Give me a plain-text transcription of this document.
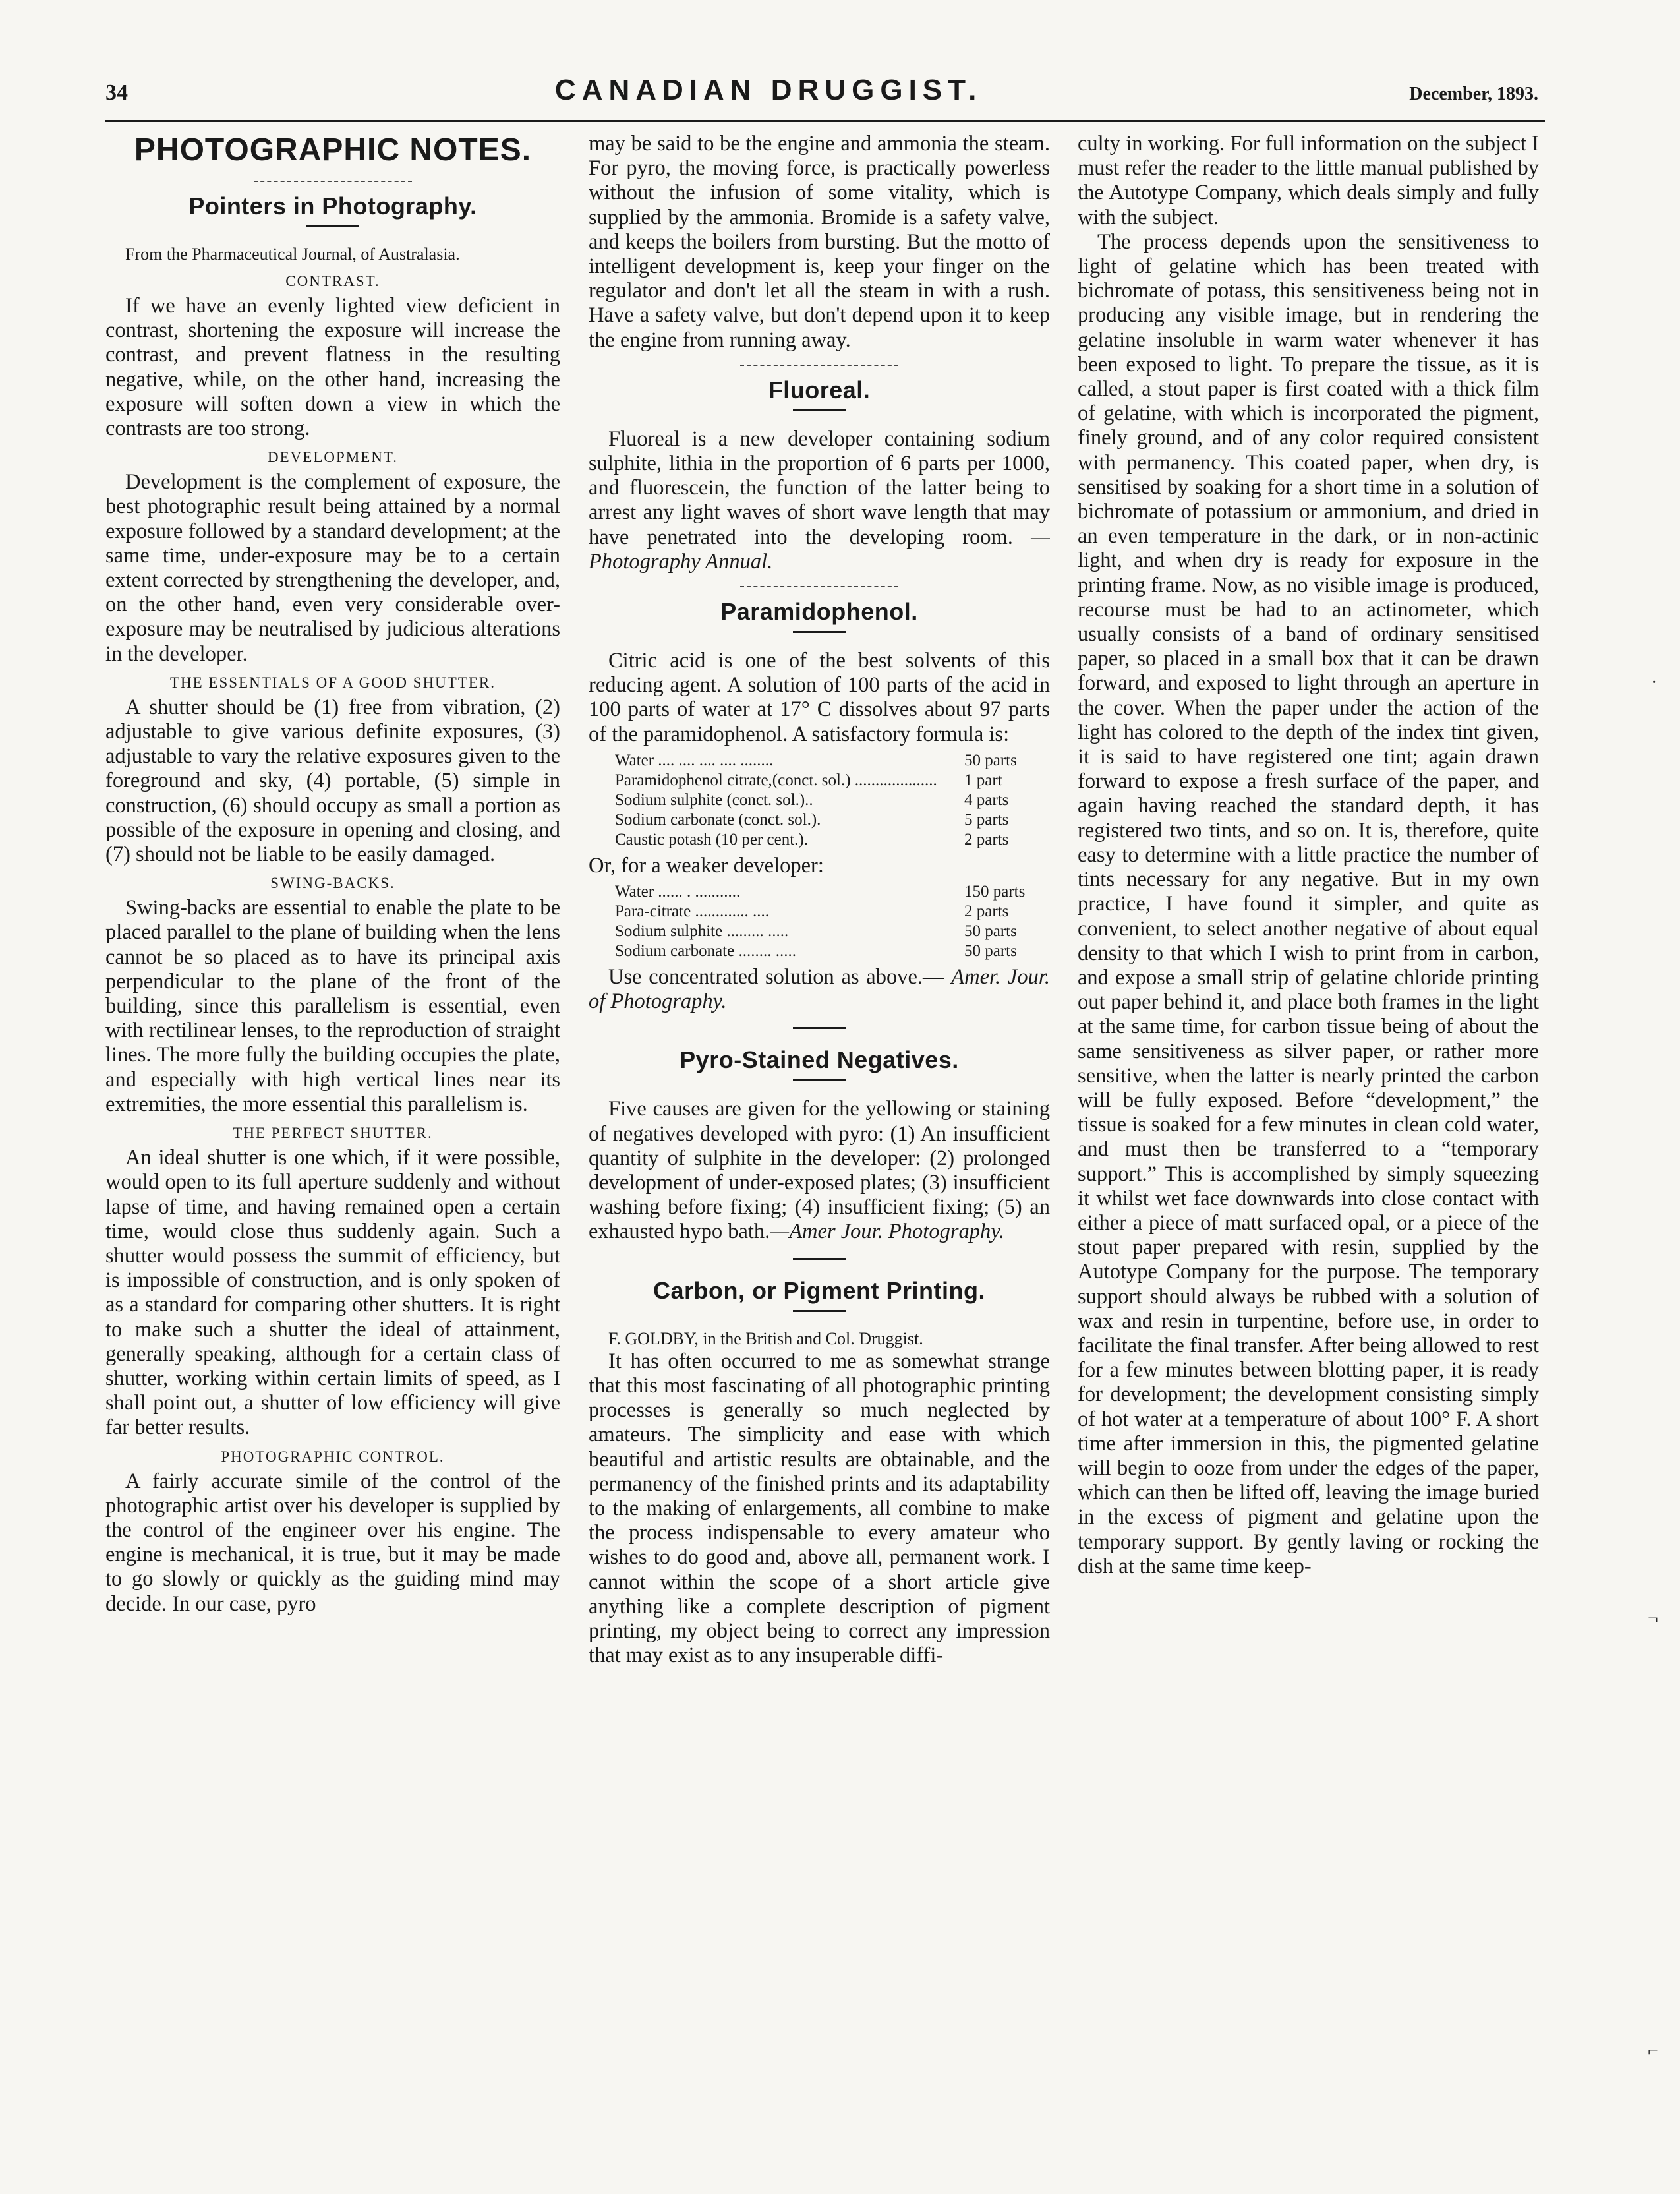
34	CANADIAN DRUGGIST.	December, 1893.
PHOTOGRAPHIC NOTES.
Pointers in Photography.

From the Pharmaceutical Journal, of Australasia.

CONTRAST.

If we have an evenly lighted view deficient in contrast, shortening the exposure will increase the contrast, and prevent flatness in the resulting negative, while, on the other hand, increasing the exposure will soften down a view in which the contrasts are too strong.

DEVELOPMENT.

Development is the complement of exposure, the best photographic result being attained by a normal exposure followed by a standard development; at the same time, under-exposure may be to a certain extent corrected by strengthening the developer, and, on the other hand, even very considerable over-exposure may be neutralised by judicious alterations in the developer.

THE ESSENTIALS OF A GOOD SHUTTER.

A shutter should be (1) free from vibration, (2) adjustable to give various definite exposures, (3) adjustable to vary the relative exposures given to the foreground and sky, (4) portable, (5) simple in construction, (6) should occupy as small a portion as possible of the exposure in opening and closing, and (7) should not be liable to be easily damaged.

SWING-BACKS.

Swing-backs are essential to enable the plate to be placed parallel to the plane of building when the lens cannot be so placed as to have its principal axis perpendicular to the plane of the front of the building, since this parallelism is essential, even with rectilinear lenses, to the reproduction of straight lines. The more fully the building occupies the plate, and especially with high vertical lines near its extremities, the more essential this parallelism is.

THE PERFECT SHUTTER.

An ideal shutter is one which, if it were possible, would open to its full aperture suddenly and without lapse of time, and having remained open a certain time, would close thus suddenly again. Such a shutter would possess the summit of efficiency, but is impossible of construction, and is only spoken of as a standard for comparing other shutters. It is right to make such a shutter the ideal of attainment, generally speaking, although for a certain class of shutter, working within certain limits of speed, as I shall point out, a shutter of low efficiency will give far better results.

PHOTOGRAPHIC CONTROL.

A fairly accurate simile of the control of the photographic artist over his developer is supplied by the control of the engineer over his engine. The engine is mechanical, it is true, but it may be made to go slowly or quickly as the guiding mind may decide. In our case, pyro

may be said to be the engine and ammonia the steam. For pyro, the moving force, is practically powerless without the infusion of some vitality, which is supplied by the ammonia. Bromide is a safety valve, and keeps the boilers from bursting. But the motto of intelligent development is, keep your finger on the regulator and don't let all the steam in with a rush. Have a safety valve, but don't depend upon it to keep the engine from running away.

Fluoreal.

Fluoreal is a new developer containing sodium sulphite, lithia in the proportion of 6 parts per 1000, and fluorescein, the function of the latter being to arrest any light waves of short wave length that may have penetrated into the developing room. —Photography Annual.

Paramidophenol.

Citric acid is one of the best solvents of this reducing agent. A solution of 100 parts of the acid in 100 parts of water at 17° C dissolves about 97 parts of the paramidophenol. A satisfactory formula is:

Water .... .... .... .... ........	50 parts
Paramidophenol citrate,(conct. sol.) ....................	1 part
Sodium sulphite (conct. sol.)..	4 parts
Sodium carbonate (conct. sol.).	5 parts
Caustic potash (10 per cent.).	2 parts

Or, for a weaker developer:

Water ...... . ...........	150 parts
Para-citrate ............. ....	2 parts
Sodium sulphite ......... .....	50 parts
Sodium carbonate ........ .....	50 parts

Use concentrated solution as above.— Amer. Jour. of Photography.

Pyro-Stained Negatives.

Five causes are given for the yellowing or staining of negatives developed with pyro: (1) An insufficient quantity of sulphite in the developer: (2) prolonged development of under-exposed plates; (3) insufficient washing before fixing; (4) insufficient fixing; (5) an exhausted hypo bath.—Amer Jour. Photography.

Carbon, or Pigment Printing.

F. GOLDBY, in the British and Col. Druggist.

It has often occurred to me as somewhat strange that this most fascinating of all photographic printing processes is generally so much neglected by amateurs. The simplicity and ease with which beautiful and artistic results are obtainable, and the permanency of the finished prints and its adaptability to the making of enlargements, all combine to make the process indispensable to every amateur who wishes to do good and, above all, permanent work. I cannot within the scope of a short article give anything like a complete description of pigment printing, my object being to correct any impression that may exist as to any insuperable diffi-

culty in working. For full information on the subject I must refer the reader to the little manual published by the Autotype Company, which deals simply and fully with the subject.

The process depends upon the sensitiveness to light of gelatine which has been treated with bichromate of potass, this sensitiveness being not in producing any visible image, but in rendering the gelatine insoluble in warm water whenever it has been exposed to light. To prepare the tissue, as it is called, a stout paper is first coated with a thick film of gelatine, with which is incorporated the pigment, finely ground, and of any color required consistent with permanency. This coated paper, when dry, is sensitised by soaking for a short time in a solution of bichromate of potassium or ammonium, and dried in an even temperature in the dark, or in non-actinic light, and when dry is ready for exposure in the printing frame. Now, as no visible image is produced, recourse must be had to an actinometer, which usually consists of a band of ordinary sensitised paper, so placed in a small box that it can be drawn forward, and exposed to light through an aperture in the cover. When the paper under the action of the light has colored to the depth of the index tint given, it is said to have registered one tint; again drawn forward to expose a fresh surface of the paper, and again having reached the standard depth, it has registered two tints, and so on. It is, therefore, quite easy to determine with a little practice the number of tints necessary for any negative. But in my own practice, I have found it simpler, and quite as convenient, to select another negative of about equal density to that which I wish to print from in carbon, and expose a small strip of gelatine chloride printing out paper behind it, and place both frames in the light at the same time, for carbon tissue being of about the same sensitiveness as silver paper, or rather more sensitive, when the latter is nearly printed the carbon will be fully exposed. Before “development,” the tissue is soaked for a few minutes in clean cold water, and must then be transferred to a “temporary support.” This is accomplished by simply squeezing it whilst wet face downwards into close contact with either a piece of matt surfaced opal, or a piece of the stout paper prepared with resin, supplied by the Autotype Company for the purpose. The temporary support should always be rubbed with a solution of wax and resin in turpentine, before use, in order to facilitate the final transfer. After being allowed to rest for a few minutes between blotting paper, it is ready for development; the development consisting simply of hot water at a temperature of about 100° F. A short time after immersion in this, the pigmented gelatine will begin to ooze from under the edges of the paper, which can then be lifted off, leaving the image buried in the excess of pigment and gelatine upon the temporary support. By gently laving or rocking the dish at the same time keep-

·
¬
⌐
